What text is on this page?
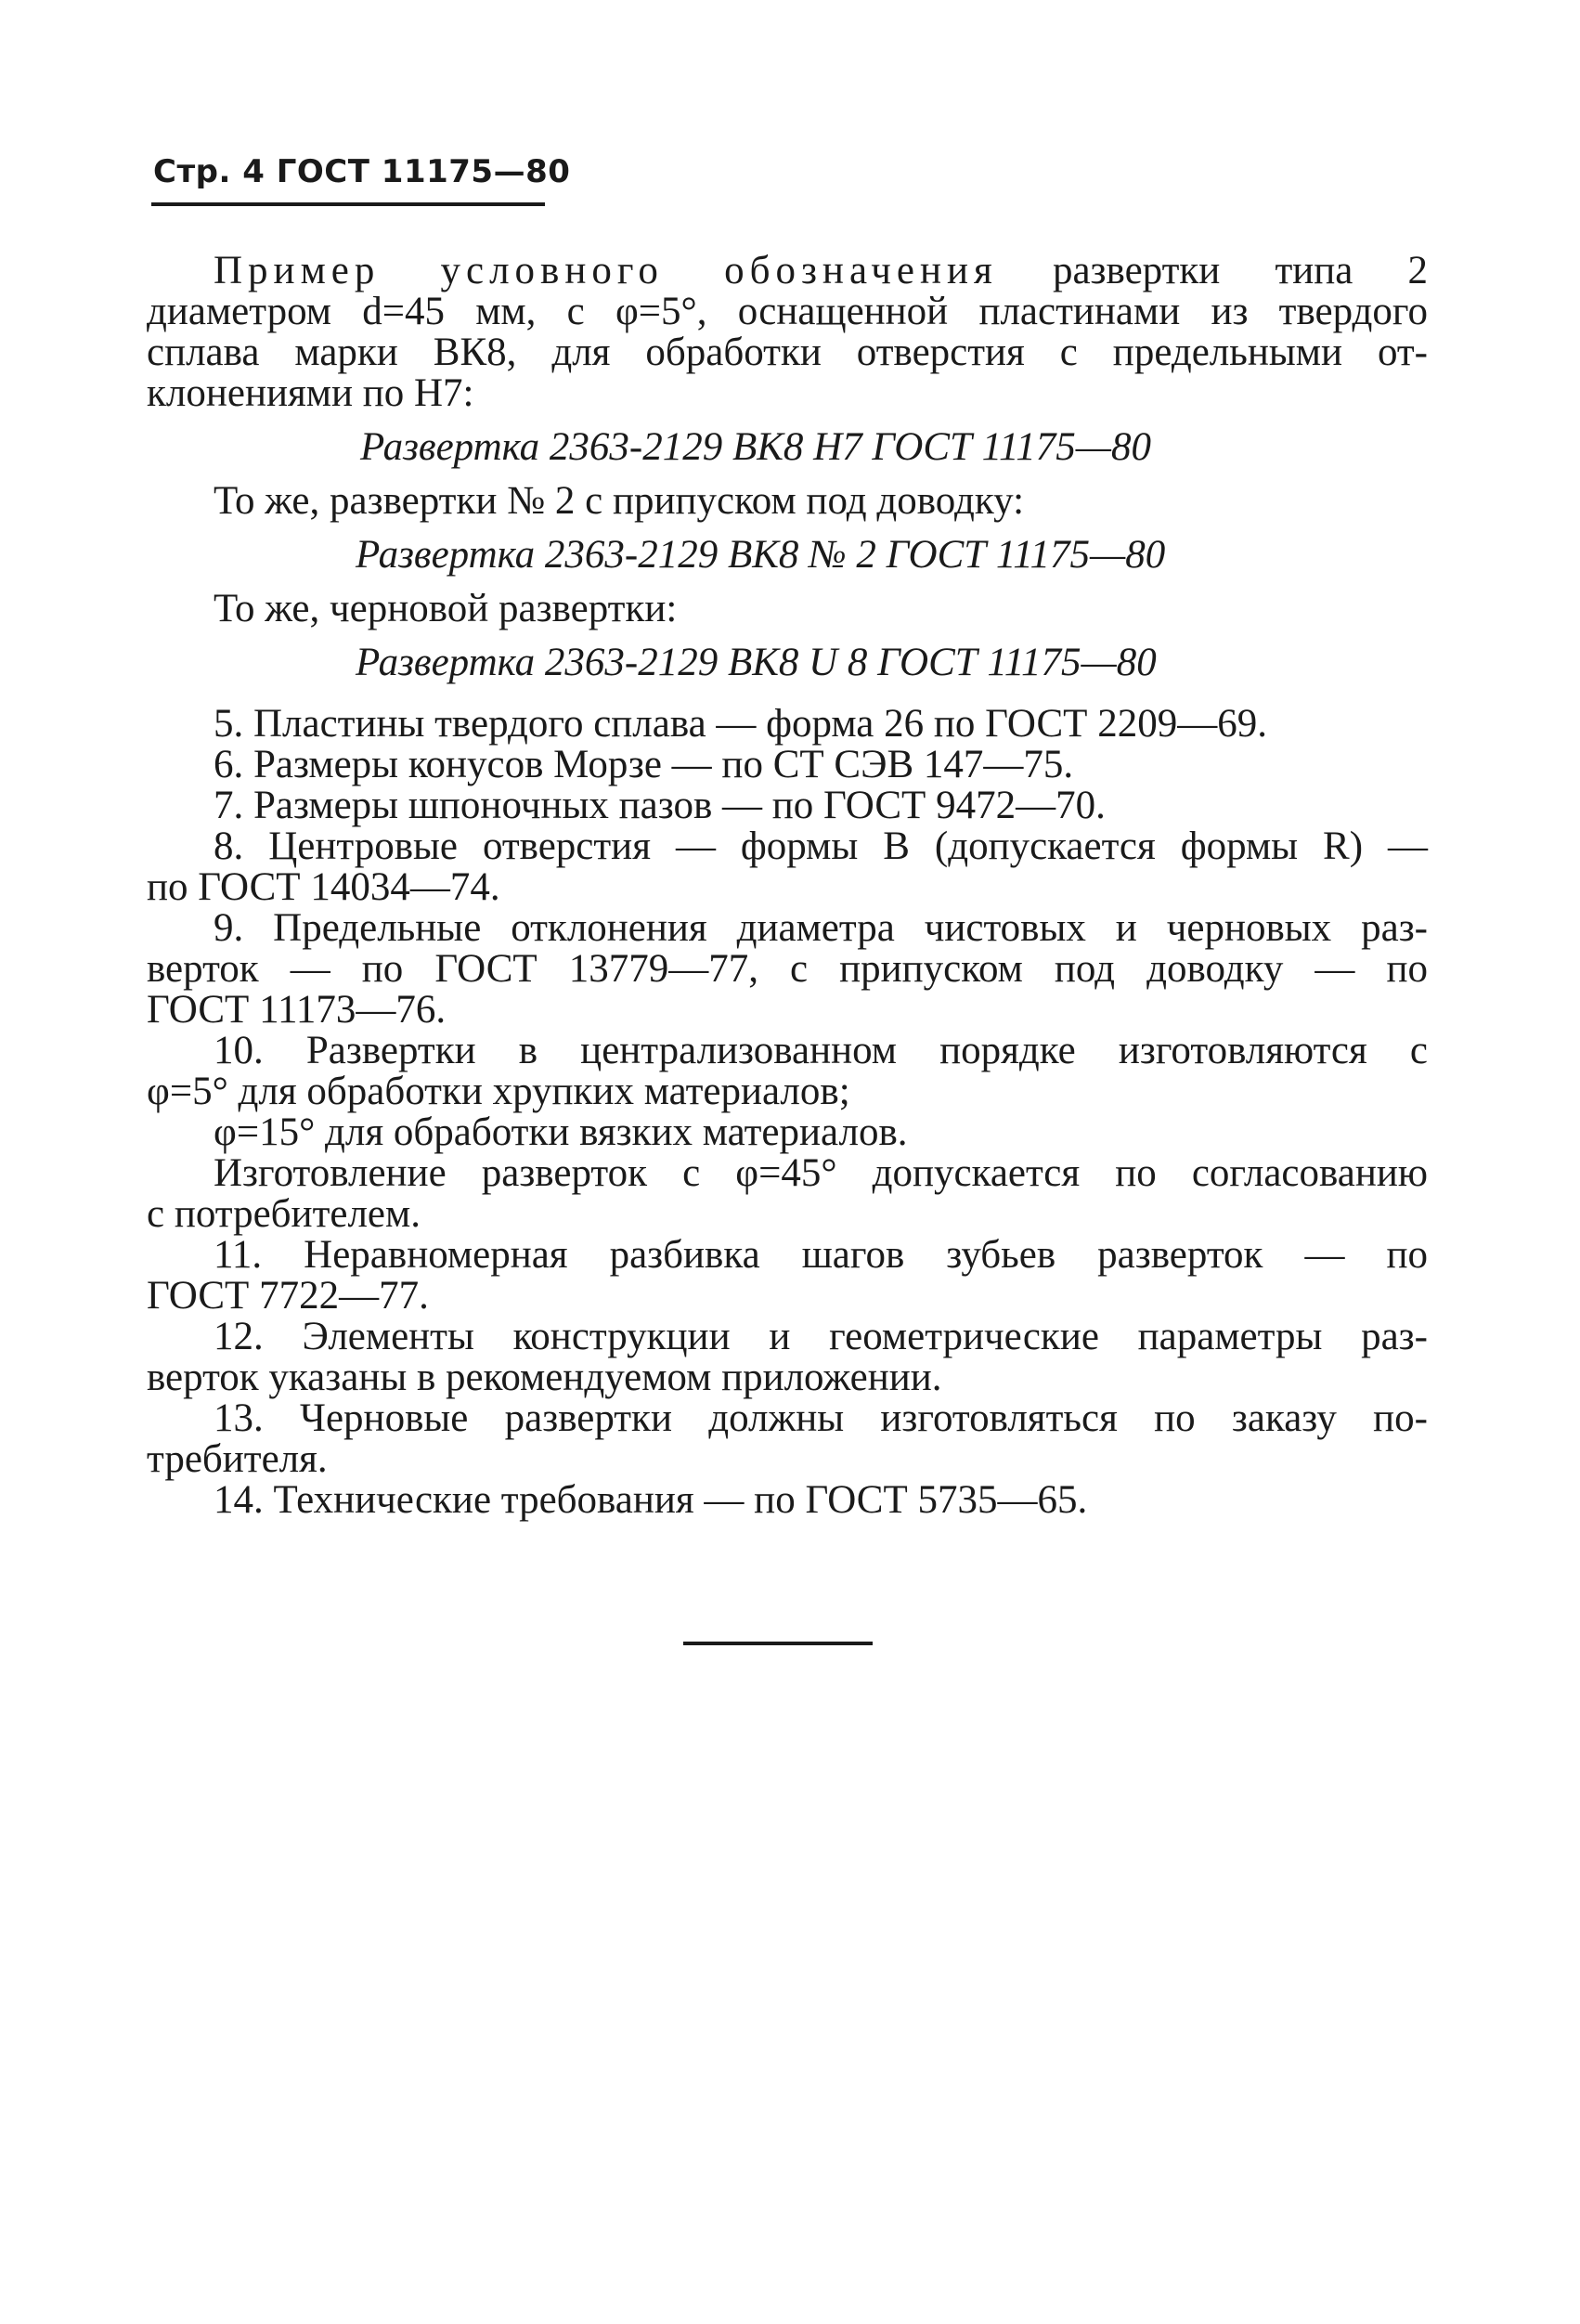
Стр. 4 ГОСТ 11175—80
Пример условного обозначения развертки типа 2
диаметром d=45 мм, с φ=5°, оснащенной пластинами из твердого
сплава марки ВК8, для обработки отверстия с предельными от-
клонениями по Н7:
Развертка 2363-2129 ВК8 Н7 ГОСТ 11175—80
То же, развертки № 2 с припуском под доводку:
Развертка 2363-2129 ВК8 № 2 ГОСТ 11175—80
То же, черновой развертки:
Развертка 2363-2129 ВК8 U 8 ГОСТ 11175—80
5. Пластины твердого сплава — форма 26 по ГОСТ 2209—69.
6. Размеры конусов Морзе — по СТ СЭВ 147—75.
7. Размеры шпоночных пазов — по ГОСТ 9472—70.
8. Центровые отверстия — формы В (допускается формы R) —
по ГОСТ 14034—74.
9. Предельные отклонения диаметра чистовых и черновых раз-
верток — по ГОСТ 13779—77, с припуском под доводку — по
ГОСТ 11173—76.
10. Развертки в централизованном порядке изготовляются с
φ=5° для обработки хрупких материалов;
φ=15° для обработки вязких материалов.
Изготовление разверток с φ=45° допускается по согласованию
с потребителем.
11. Неравномерная разбивка шагов зубьев разверток — по
ГОСТ 7722—77.
12. Элементы конструкции и геометрические параметры раз-
верток указаны в рекомендуемом приложении.
13. Черновые развертки должны изготовляться по заказу по-
требителя.
14. Технические требования — по ГОСТ 5735—65.
